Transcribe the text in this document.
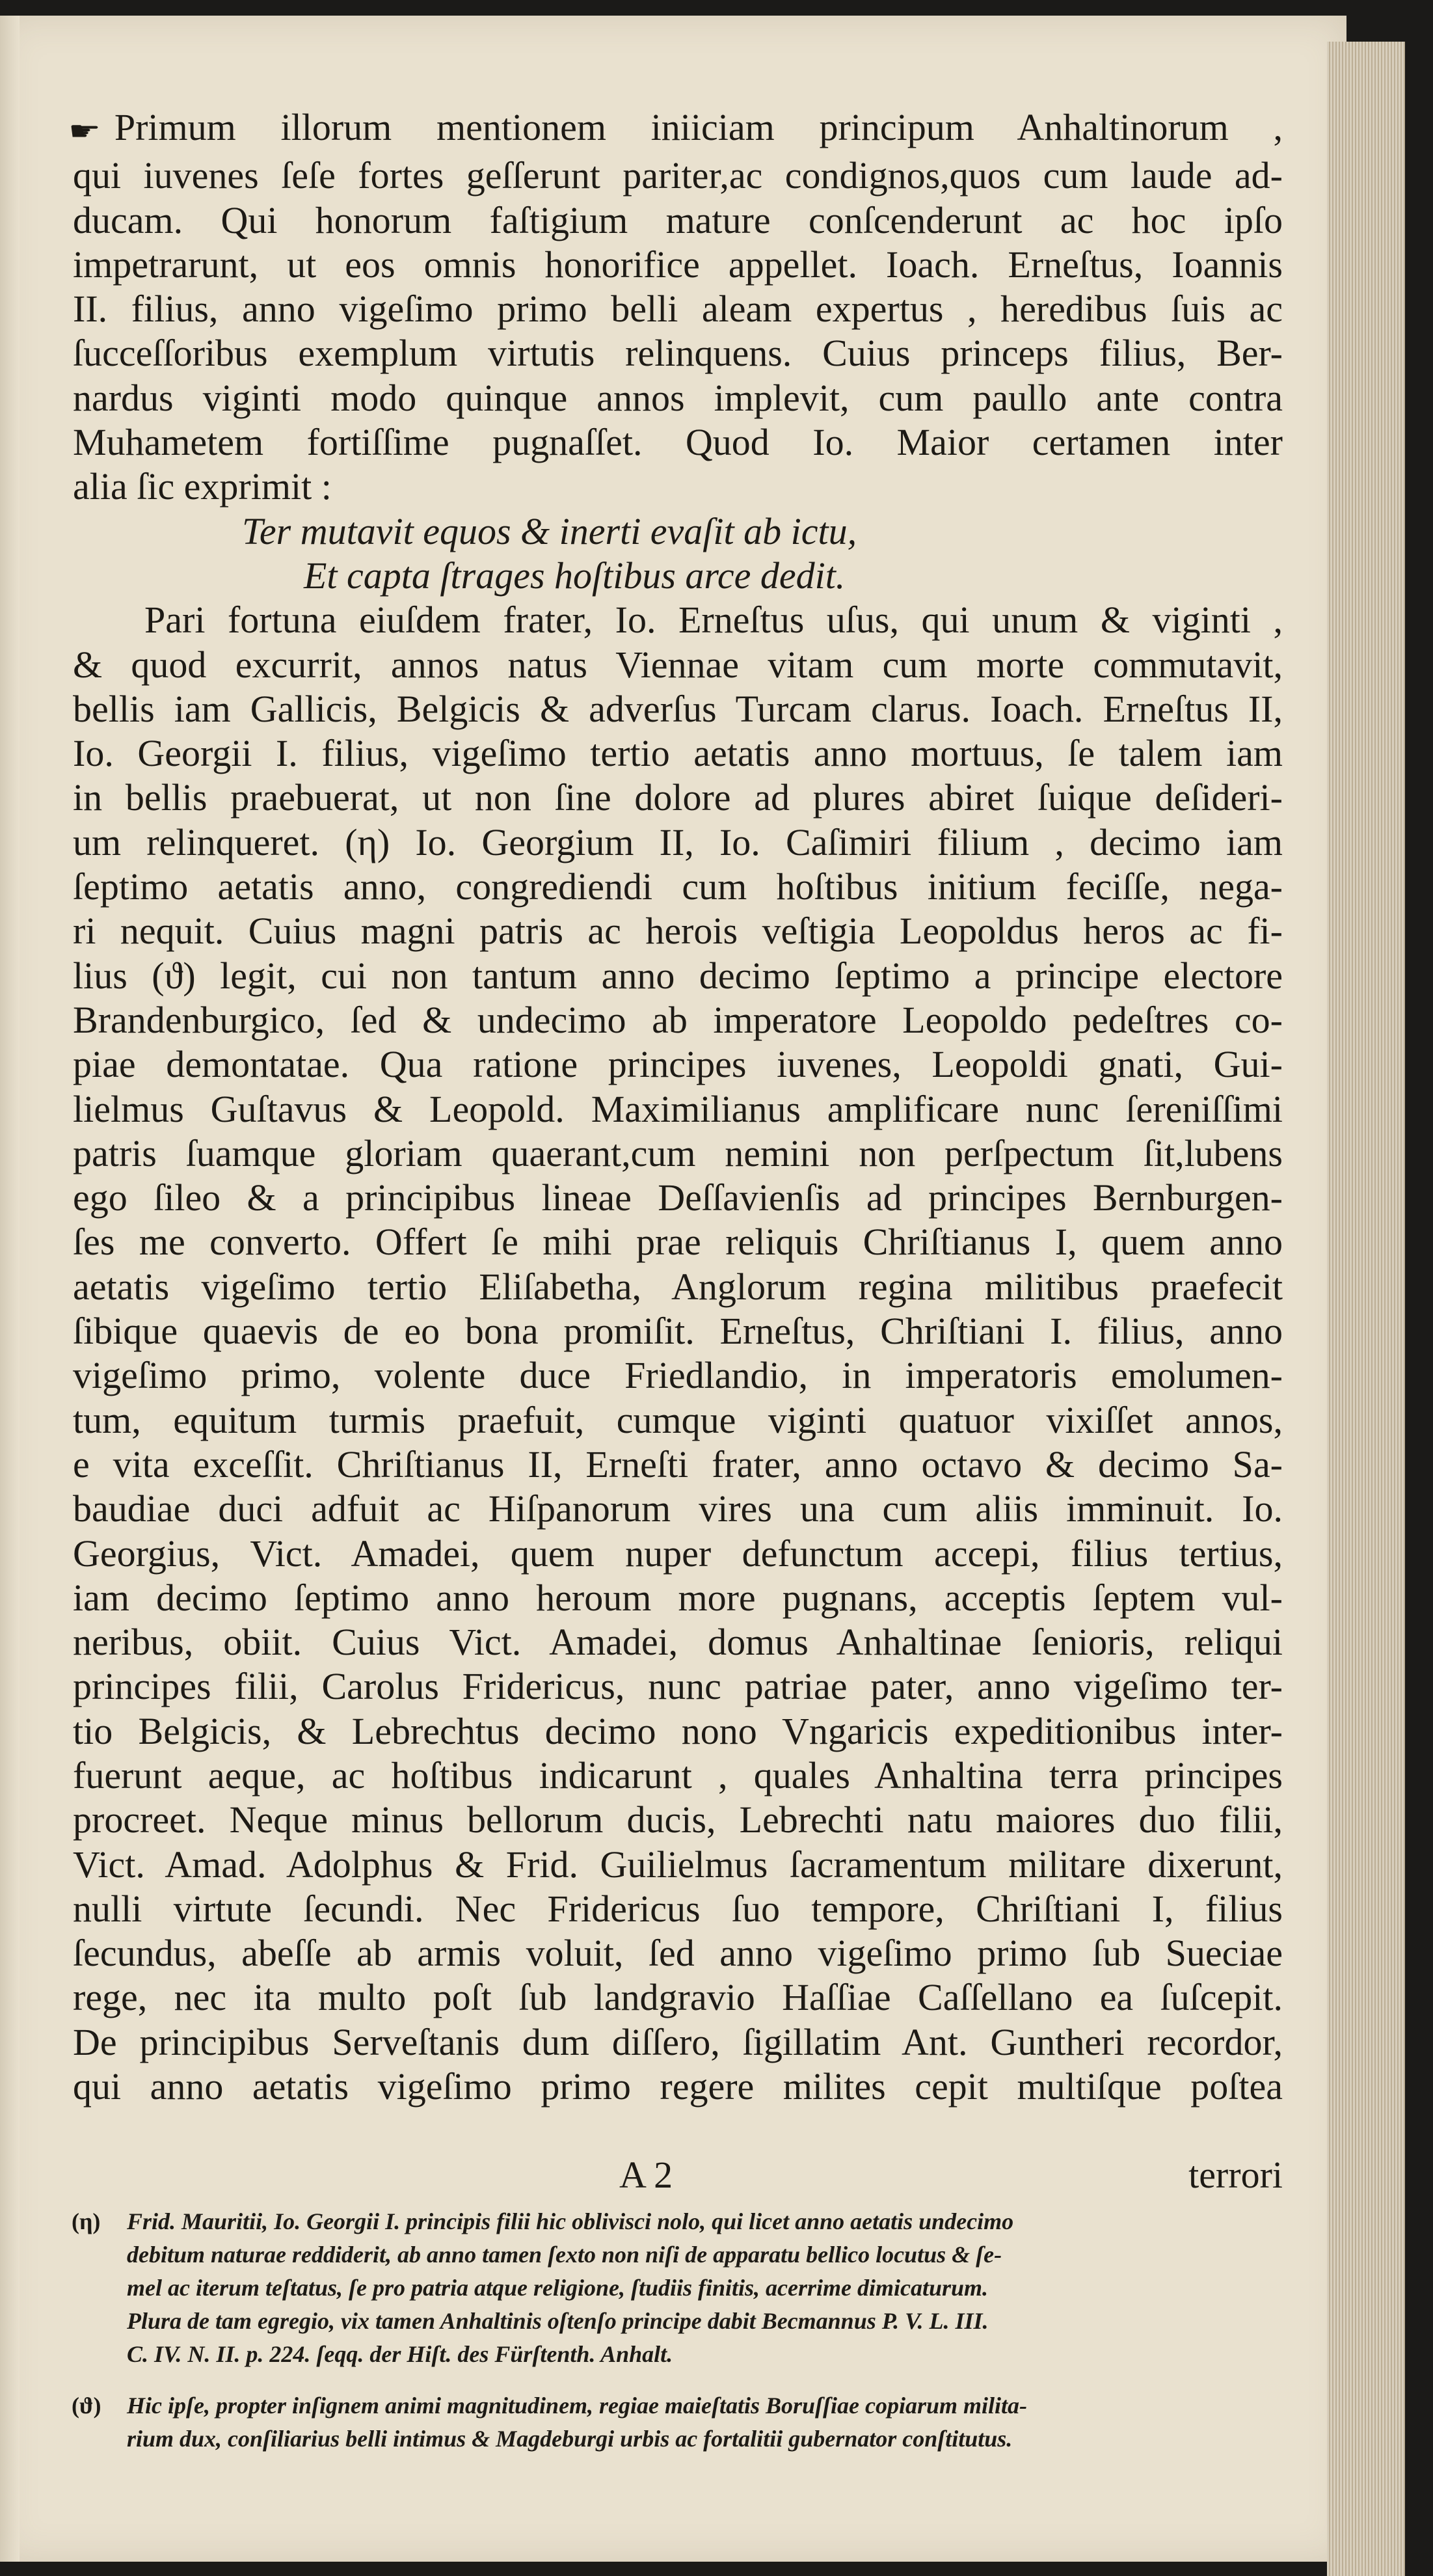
☛ Primum illorum mentionem iniiciam principum Anhaltinorum ,

qui iuvenes ſeſe fortes geſſerunt pariter,ac condignos,quos cum laude ad-

ducam. Qui honorum faſtigium mature conſcenderunt ac hoc ipſo

impetrarunt, ut eos omnis honorifice appellet. Ioach. Erneſtus, Ioannis

II. filius, anno vigeſimo primo belli aleam expertus , heredibus ſuis ac

ſucceſſoribus exemplum virtutis relinquens. Cuius princeps filius, Ber-

nardus viginti modo quinque annos implevit, cum paullo ante contra

Muhametem fortiſſime pugnaſſet. Quod Io. Maior certamen inter

alia ſic exprimit :

Ter mutavit equos & inerti evaſit ab ictu,

Et capta ſtrages hoſtibus arce dedit.

Pari fortuna eiuſdem frater, Io. Erneſtus uſus, qui unum & viginti ,

& quod excurrit, annos natus Viennae vitam cum morte commutavit,

bellis iam Gallicis, Belgicis & adverſus Turcam clarus. Ioach. Erneſtus II,

Io. Georgii I. filius, vigeſimo tertio aetatis anno mortuus, ſe talem iam

in bellis praebuerat, ut non ſine dolore ad plures abiret ſuique deſideri-

um relinqueret. (η) Io. Georgium II, Io. Caſimiri filium , decimo iam

ſeptimo aetatis anno, congrediendi cum hoſtibus initium feciſſe, nega-

ri nequit. Cuius magni patris ac herois veſtigia Leopoldus heros ac fi-

lius (ϑ) legit, cui non tantum anno decimo ſeptimo a principe electore

Brandenburgico, ſed & undecimo ab imperatore Leopoldo pedeſtres co-

piae demontatae. Qua ratione principes iuvenes, Leopoldi gnati, Gui-

lielmus Guſtavus & Leopold. Maximilianus amplificare nunc ſereniſſimi

patris ſuamque gloriam quaerant,cum nemini non perſpectum ſit,lubens

ego ſileo & a principibus lineae Deſſavienſis ad principes Bernburgen-

ſes me converto. Offert ſe mihi prae reliquis Chriſtianus I, quem anno

aetatis vigeſimo tertio Eliſabetha, Anglorum regina militibus praefecit

ſibique quaevis de eo bona promiſit. Erneſtus, Chriſtiani I. filius, anno

vigeſimo primo, volente duce Friedlandio, in imperatoris emolumen-

tum, equitum turmis praefuit, cumque viginti quatuor vixiſſet annos,

e vita exceſſit. Chriſtianus II, Erneſti frater, anno octavo & decimo Sa-

baudiae duci adfuit ac Hiſpanorum vires una cum aliis imminuit. Io.

Georgius, Vict. Amadei, quem nuper defunctum accepi, filius tertius,

iam decimo ſeptimo anno heroum more pugnans, acceptis ſeptem vul-

neribus, obiit. Cuius Vict. Amadei, domus Anhaltinae ſenioris, reliqui

principes filii, Carolus Fridericus, nunc patriae pater, anno vigeſimo ter-

tio Belgicis, & Lebrechtus decimo nono Vngaricis expeditionibus inter-

fuerunt aeque, ac hoſtibus indicarunt , quales Anhaltina terra principes

procreet. Neque minus bellorum ducis, Lebrechti natu maiores duo filii,

Vict. Amad. Adolphus & Frid. Guilielmus ſacramentum militare dixerunt,

nulli virtute ſecundi. Nec Fridericus ſuo tempore, Chriſtiani I, filius

ſecundus, abeſſe ab armis voluit, ſed anno vigeſimo primo ſub Sueciae

rege, nec ita multo poſt ſub landgravio Haſſiae Caſſellano ea ſuſcepit.

De principibus Serveſtanis dum diſſero, ſigillatim Ant. Guntheri recordor,

qui anno aetatis vigeſimo primo regere milites cepit multiſque poſtea

A 2	terrori
(η) Frid. Mauritii, Io. Georgii I. principis filii hic oblivisci nolo, qui licet anno aetatis undecimo
debitum naturae reddiderit, ab anno tamen ſexto non niſi de apparatu bellico locutus & ſe-
mel ac iterum teſtatus, ſe pro patria atque religione, ſtudiis finitis, acerrime dimicaturum.
Plura de tam egregio, vix tamen Anhaltinis oſtenſo principe dabit Becmannus P. V. L. III.
C. IV. N. II. p. 224. ſeqq. der Hiſt. des Fürſtenth. Anhalt.
(ϑ) Hic ipſe, propter inſignem animi magnitudinem, regiae maieſtatis Boruſſiae copiarum milita-
rium dux, conſiliarius belli intimus & Magdeburgi urbis ac fortalitii gubernator conſtitutus.
